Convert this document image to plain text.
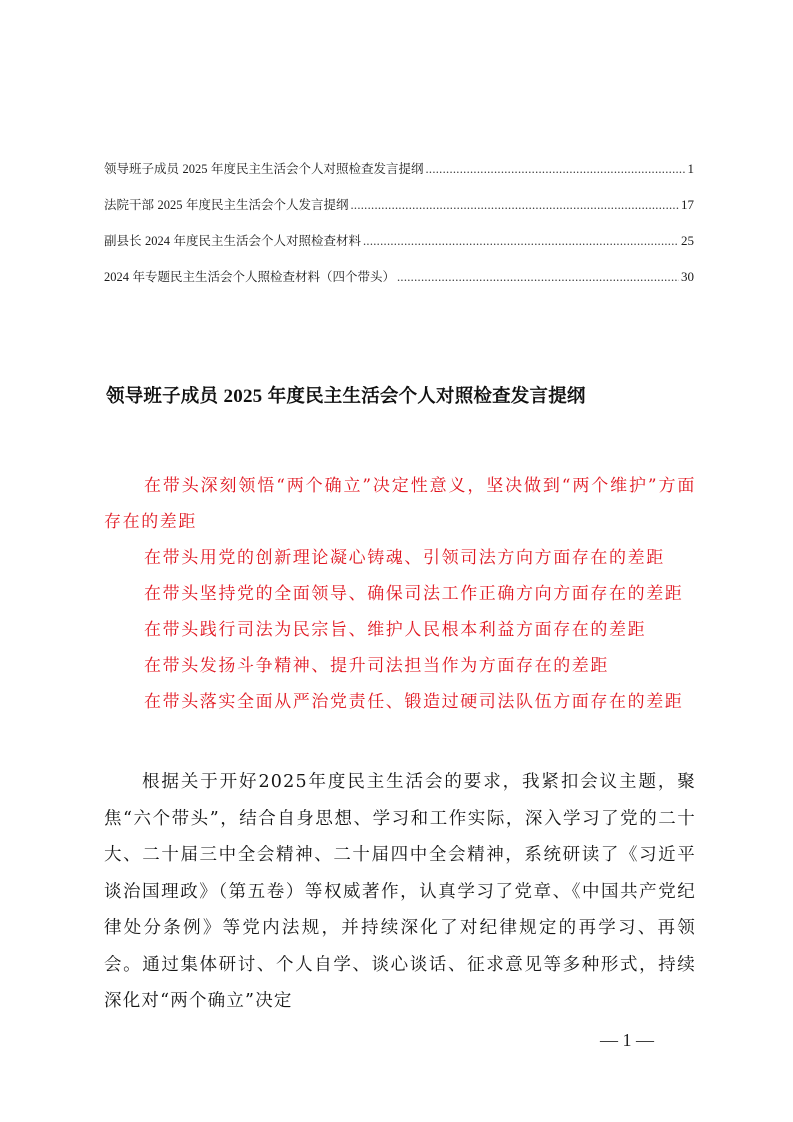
领导班子成员 2025 年度民主生活会个人对照检查发言提纲 .....	1
法院干部 2025 年度民主生活会个人发言提纲 .....	17
副县长 2024 年度民主生活会个人对照检查材料 .....	25
2024 年专题民主生活会个人照检查材料（四个带头） .....	30
领导班子成员 2025 年度民主生活会个人对照检查发言提纲
在带头深刻领悟“两个确立”决定性意义，坚决做到“两个维护”方面存在的差距
在带头用党的创新理论凝心铸魂、引领司法方向方面存在的差距
在带头坚持党的全面领导、确保司法工作正确方向方面存在的差距
在带头践行司法为民宗旨、维护人民根本利益方面存在的差距
在带头发扬斗争精神、提升司法担当作为方面存在的差距
在带头落实全面从严治党责任、锻造过硬司法队伍方面存在的差距

根据关于开好2025年度民主生活会的要求，我紧扣会议主题，聚焦“六个带头”，结合自身思想、学习和工作实际，深入学习了党的二十大、二十届三中全会精神、二十届四中全会精神，系统研读了《习近平谈治国理政》（第五卷）等权威著作，认真学习了党章、《中国共产党纪律处分条例》等党内法规，并持续深化了对纪律规定的再学习、再领会。通过集体研讨、个人自学、谈心谈话、征求意见等多种形式，持续深化对“两个确立”决定

— 1 —
